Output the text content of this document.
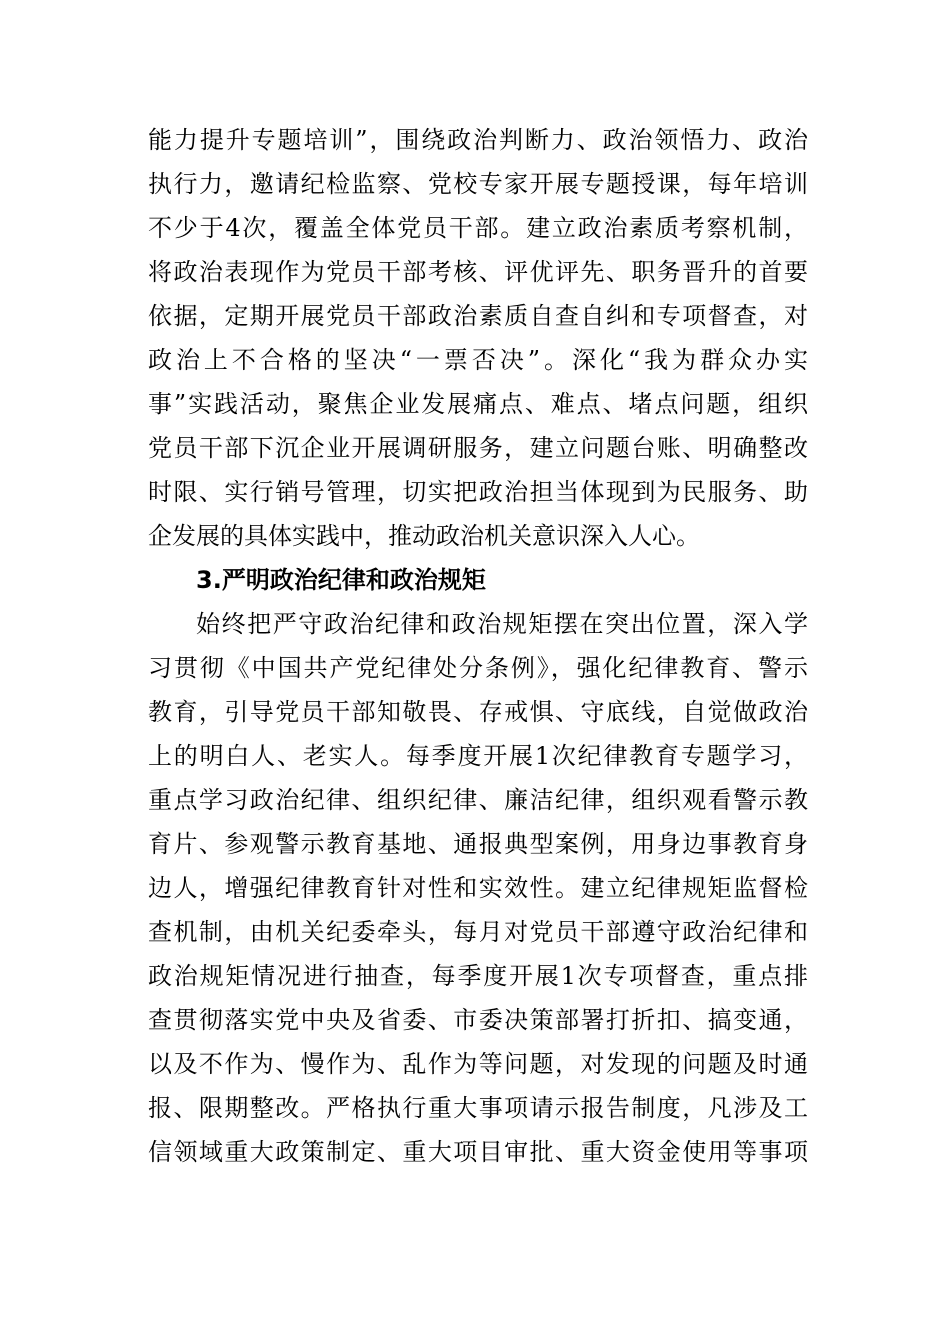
能力提升专题培训”，围绕政治判断力、政治领悟力、政治
执行力，邀请纪检监察、党校专家开展专题授课，每年培训
不少于4次，覆盖全体党员干部。建立政治素质考察机制，
将政治表现作为党员干部考核、评优评先、职务晋升的首要
依据，定期开展党员干部政治素质自查自纠和专项督查，对
政治上不合格的坚决“一票否决”。深化“我为群众办实
事”实践活动，聚焦企业发展痛点、难点、堵点问题，组织
党员干部下沉企业开展调研服务，建立问题台账、明确整改
时限、实行销号管理，切实把政治担当体现到为民服务、助
企发展的具体实践中，推动政治机关意识深入人心。
3.严明政治纪律和政治规矩
始终把严守政治纪律和政治规矩摆在突出位置，深入学
习贯彻《中国共产党纪律处分条例》，强化纪律教育、警示
教育，引导党员干部知敬畏、存戒惧、守底线，自觉做政治
上的明白人、老实人。每季度开展1次纪律教育专题学习，
重点学习政治纪律、组织纪律、廉洁纪律，组织观看警示教
育片、参观警示教育基地、通报典型案例，用身边事教育身
边人，增强纪律教育针对性和实效性。建立纪律规矩监督检
查机制，由机关纪委牵头，每月对党员干部遵守政治纪律和
政治规矩情况进行抽查，每季度开展1次专项督查，重点排
查贯彻落实党中央及省委、市委决策部署打折扣、搞变通，
以及不作为、慢作为、乱作为等问题，对发现的问题及时通
报、限期整改。严格执行重大事项请示报告制度，凡涉及工
信领域重大政策制定、重大项目审批、重大资金使用等事项
